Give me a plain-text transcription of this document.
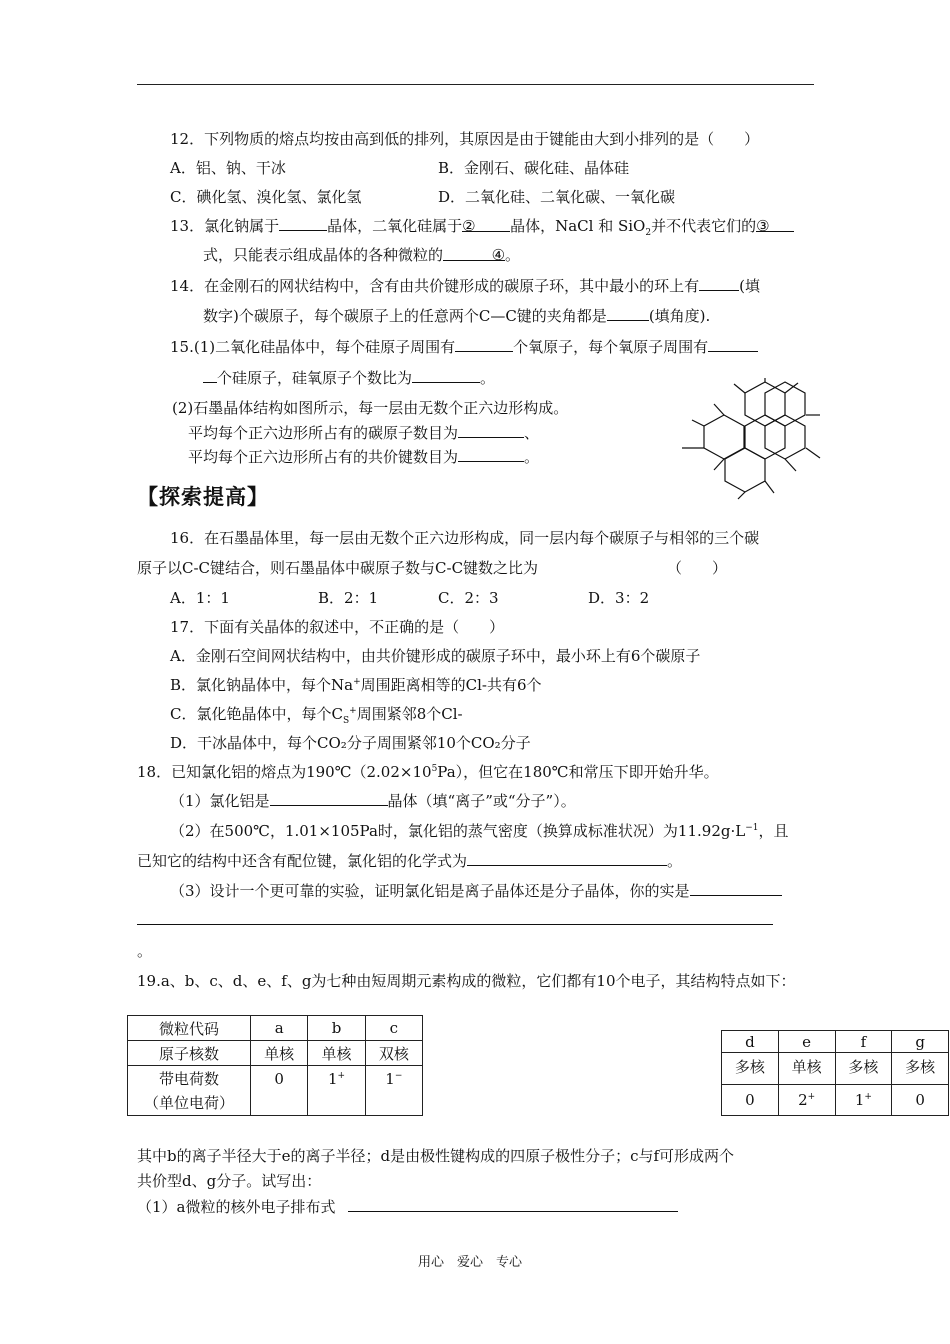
12．下列物质的熔点均按由高到低的排列，其原因是由于键能由大到小排列的是（　　）
A．铝、钠、干冰	B．金刚石、碳化硅、晶体硅
C．碘化氢、溴化氢、氯化氢	D．二氧化硅、二氧化碳、一氧化碳
13．氯化钠属于	晶体，二氧化硅属于② 晶体，NaCl 和 SiO$_2$并不代表它们的③
式，只能表示组成晶体的各种微粒的	④。
14．在金刚石的网状结构中，含有由共价键形成的碳原子环，其中最小的环上有	(填
数字)个碳原子，每个碳原子上的任意两个C—C键的夹角都是	(填角度).
15.(1)二氧化硅晶体中，每个硅原子周围有	个氧原子，每个氧原子周围有
个硅原子，硅氧原子个数比为	。
(2)石墨晶体结构如图所示，每一层由无数个正六边形构成。
平均每个正六边形所占有的碳原子数目为	、
平均每个正六边形所占有的共价键数目为	。
【探索提高】
16．在石墨晶体里，每一层由无数个正六边形构成，同一层内每个碳原子与相邻的三个碳
原子以C-C键结合，则石墨晶体中碳原子数与C-C键数之比为	（　　）
A．1：1	B．2：1	C．2：3	D．3：2
17．下面有关晶体的叙述中，不正确的是（　　）
A．金刚石空间网状结构中，由共价键形成的碳原子环中，最小环上有6个碳原子
B．氯化钠晶体中，每个Na+周围距离相等的Cl-共有6个
C．氯化铯晶体中，每个$C_S^+$周围紧邻8个Cl-
D．干冰晶体中，每个CO₂分子周围紧邻10个CO₂分子
18．已知氯化铝的熔点为$190℃(2.02\times 10^5Pa)$，但它在180℃和常压下即开始升华。
（1）氯化铝是	晶体（填“离子”或“分子”）。
（2）在500℃，1.01×105Pa时，氯化铝的蒸气密度（换算成标准状况）为$11.92g\cdot L^{-1}$，且
已知它的结构中还含有配位键，氯化铝的化学式为	。
（3）设计一个更可靠的实验，证明氯化铝是离子晶体还是分子晶体，你的实是
。
19.a、b、c、d、e、f、g为七种由短周期元素构成的微粒，它们都有10个电子，其结构特点如下：
微粒代码	a	b	c
原子核数	单核	单核	双核
带电荷数
（单位电荷）	0	1+	1−
d	e	f	g
多核	单核	多核	多核
0	2+	1+	0
其中b的离子半径大于e的离子半径；d是由极性键构成的四原子极性分子；c与f可形成两个
共价型d、g分子。试写出：
（1）a微粒的核外电子排布式
用心　爱心　专心
